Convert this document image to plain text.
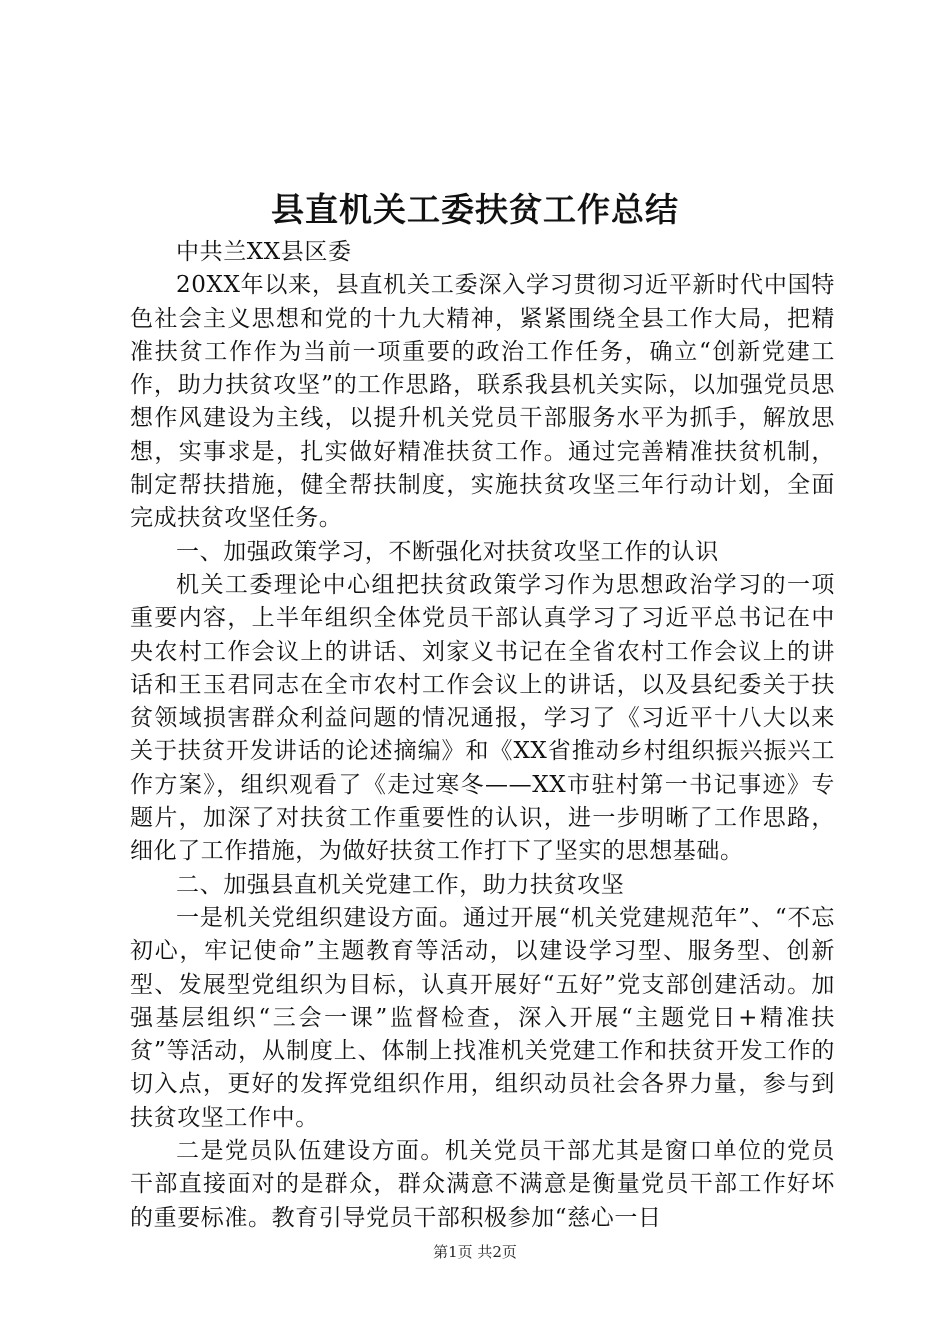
县直机关工委扶贫工作总结

中共兰XX县区委

20XX年以来，县直机关工委深入学习贯彻习近平新时代中国特色社会主义思想和党的十九大精神，紧紧围绕全县工作大局，把精准扶贫工作作为当前一项重要的政治工作任务，确立“创新党建工作，助力扶贫攻坚”的工作思路，联系我县机关实际，以加强党员思想作风建设为主线，以提升机关党员干部服务水平为抓手，解放思想，实事求是，扎实做好精准扶贫工作。通过完善精准扶贫机制，制定帮扶措施，健全帮扶制度，实施扶贫攻坚三年行动计划，全面完成扶贫攻坚任务。

一、加强政策学习，不断强化对扶贫攻坚工作的认识

机关工委理论中心组把扶贫政策学习作为思想政治学习的一项重要内容，上半年组织全体党员干部认真学习了习近平总书记在中央农村工作会议上的讲话、刘家义书记在全省农村工作会议上的讲话和王玉君同志在全市农村工作会议上的讲话，以及县纪委关于扶贫领域损害群众利益问题的情况通报，学习了《习近平十八大以来关于扶贫开发讲话的论述摘编》和《XX省推动乡村组织振兴振兴工作方案》，组织观看了《走过寒冬——XX市驻村第一书记事迹》专题片，加深了对扶贫工作重要性的认识，进一步明晰了工作思路，细化了工作措施，为做好扶贫工作打下了坚实的思想基础。

二、加强县直机关党建工作，助力扶贫攻坚

一是机关党组织建设方面。通过开展“机关党建规范年”、“不忘初心，牢记使命”主题教育等活动，以建设学习型、服务型、创新型、发展型党组织为目标，认真开展好“五好”党支部创建活动。加强基层组织“三会一课”监督检查，深入开展“主题党日+精准扶贫”等活动，从制度上、体制上找准机关党建工作和扶贫开发工作的切入点，更好的发挥党组织作用，组织动员社会各界力量，参与到扶贫攻坚工作中。

二是党员队伍建设方面。机关党员干部尤其是窗口单位的党员干部直接面对的是群众，群众满意不满意是衡量党员干部工作好坏的重要标准。教育引导党员干部积极参加“慈心一日

第1页 共2页
